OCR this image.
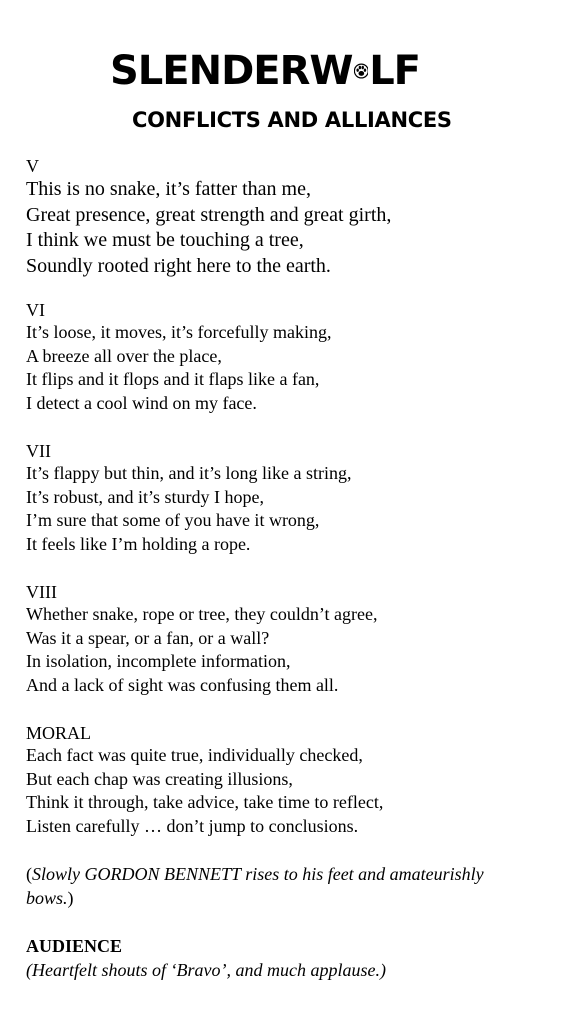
SLENDERW LF
CONFLICTS AND ALLIANCES
V
This is no snake, it’s fatter than me,
Great presence, great strength and great girth,
I think we must be touching a tree,
Soundly rooted right here to the earth.
VI
It’s loose, it moves, it’s forcefully making,
A breeze all over the place,
It flips and it flops and it flaps like a fan,
I detect a cool wind on my face.
VII
It’s flappy but thin, and it’s long like a string,
It’s robust, and it’s sturdy I hope,
I’m sure that some of you have it wrong,
It feels like I’m holding a rope.
VIII
Whether snake, rope or tree, they couldn’t agree,
Was it a spear, or a fan, or a wall?
In isolation, incomplete information,
And a lack of sight was confusing them all.
MORAL
Each fact was quite true, individually checked,
But each chap was creating illusions,
Think it through, take advice, take time to reflect,
Listen carefully … don’t jump to conclusions.
(Slowly GORDON BENNETT rises to his feet and amateurishly
bows.)
AUDIENCE
(Heartfelt shouts of ‘Bravo’, and much applause.)
